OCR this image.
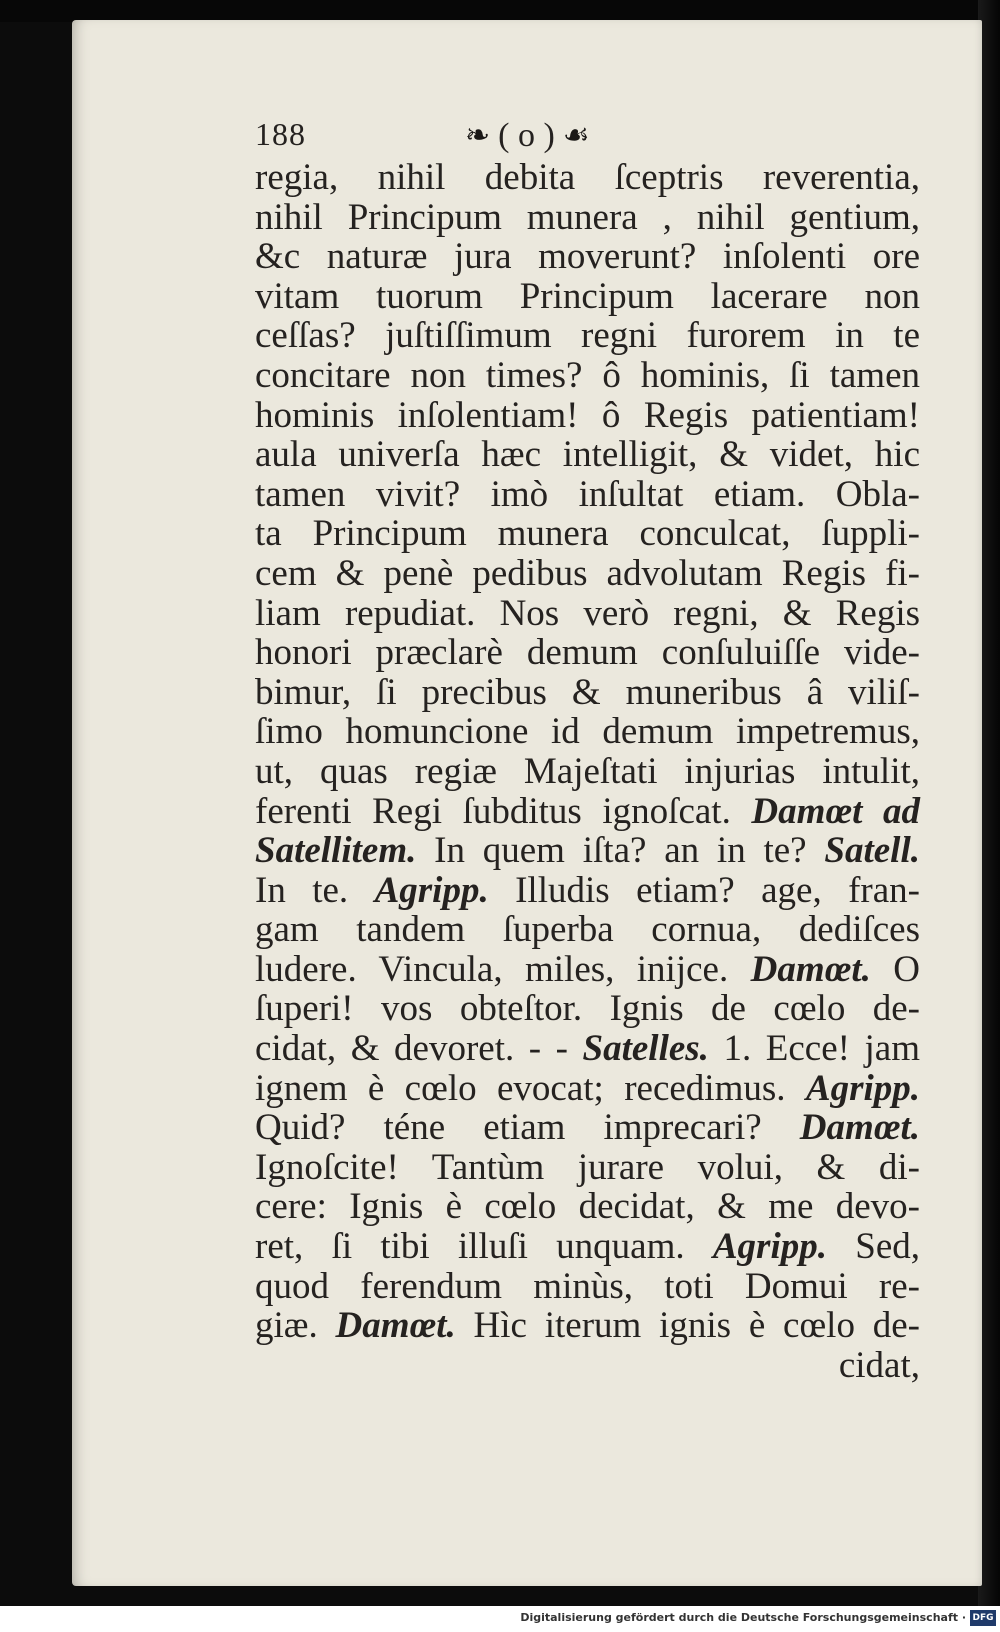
188	❧ ( o ) ☙
regia, nihil debita ſceptris reverentia,
nihil Principum munera , nihil gentium,
&c naturæ jura moverunt? inſolenti ore
vitam tuorum Principum lacerare non
ceſſas? juſtiſſimum regni furorem in te
concitare non times? ô hominis, ſi tamen
hominis inſolentiam! ô Regis patientiam!
aula univerſa hæc intelligit, & videt, hic
tamen vivit? imò inſultat etiam. Obla-
ta Principum munera conculcat, ſuppli-
cem & penè pedibus advolutam Regis fi-
liam repudiat. Nos verò regni, & Regis
honori præclarè demum conſuluiſſe vide-
bimur, ſi precibus & muneribus â viliſ-
ſimo homuncione id demum impetremus,
ut, quas regiæ Majeſtati injurias intulit,
ferenti Regi ſubditus ignoſcat. Damœt ad
Satellitem. In quem iſta? an in te? Satell.
In te. Agripp. Illudis etiam? age, fran-
gam tandem ſuperba cornua, dediſces
ludere. Vincula, miles, inijce. Damœt. O
ſuperi! vos obteſtor. Ignis de cœlo de-
cidat, & devoret. - - Satelles. 1. Ecce! jam
ignem è cœlo evocat; recedimus. Agripp.
Quid? téne etiam imprecari? Damœt.
Ignoſcite! Tantùm jurare volui, & di-
cere: Ignis è cœlo decidat, & me devo-
ret, ſi tibi illuſi unquam. Agripp. Sed,
quod ferendum minùs, toti Domui re-
giæ. Damœt. Hìc iterum ignis è cœlo de-
cidat,
Digitalisierung gefördert durch die Deutsche Forschungsgemeinschaft · DFG
